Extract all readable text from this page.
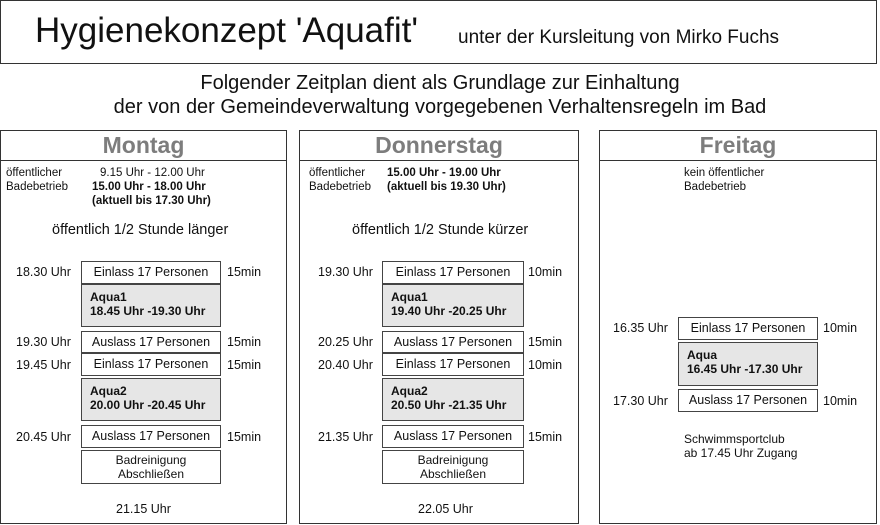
Hygienekonzept 'Aquafit' unter der Kursleitung von Mirko Fuchs
Folgender Zeitplan dient als Grundlage zur Einhaltung
der von der Gemeindeverwaltung vorgegebenen Verhaltensregeln im Bad
Montag
öffentlicher
Badebetrieb
9.15 Uhr - 12.00 Uhr
15.00 Uhr - 18.00 Uhr
(aktuell bis 17.30 Uhr)
öffentlich 1/2 Stunde länger
18.30 Uhr	Einlass 17 Personen	15min
Aqua1
18.45 Uhr -19.30 Uhr
19.30 Uhr	Auslass 17 Personen	15min
19.45 Uhr	Einlass 17 Personen	15min
Aqua2
20.00 Uhr -20.45 Uhr
20.45 Uhr	Auslass 17 Personen	15min
Badreinigung
Abschließen
21.15 Uhr
Donnerstag
öffentlicher
Badebetrieb
15.00 Uhr - 19.00 Uhr
(aktuell bis 19.30 Uhr)
öffentlich 1/2 Stunde kürzer
19.30 Uhr	Einlass 17 Personen	10min
Aqua1
19.40 Uhr -20.25 Uhr
20.25 Uhr	Auslass 17 Personen	15min
20.40 Uhr	Einlass 17 Personen	10min
Aqua2
20.50 Uhr -21.35 Uhr
21.35 Uhr	Auslass 17 Personen	15min
Badreinigung
Abschließen
22.05 Uhr
Freitag
kein öffentlicher
Badebetrieb
16.35 Uhr	Einlass 17 Personen	10min
Aqua
16.45 Uhr -17.30 Uhr
17.30 Uhr	Auslass 17 Personen	10min
Schwimmsportclub
ab 17.45 Uhr Zugang
